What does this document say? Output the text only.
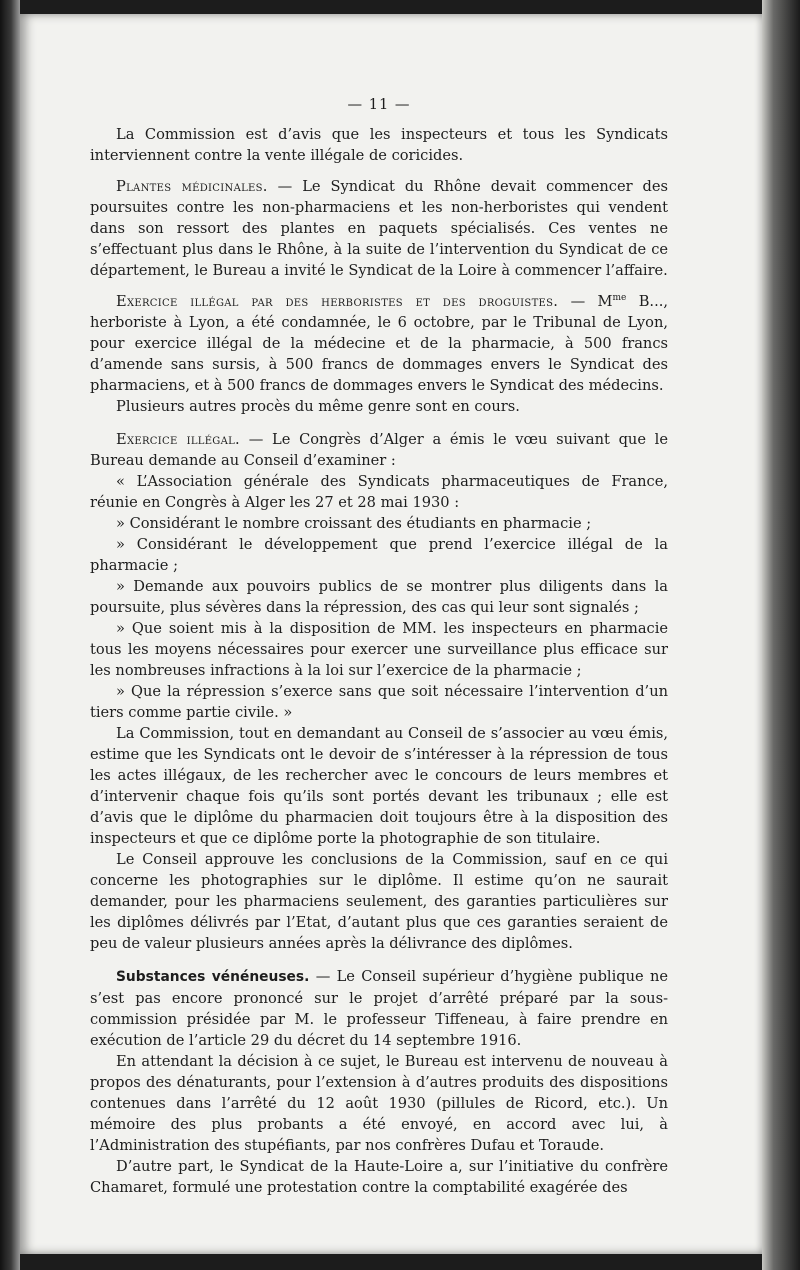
— 11 —

La Commission est d’avis que les inspecteurs et tous les Syndicats interviennent contre la vente illégale de coricides.

Plantes médicinales. — Le Syndicat du Rhône devait commencer des poursuites contre les non-pharmaciens et les non-herboristes qui vendent dans son ressort des plantes en paquets spécialisés. Ces ventes ne s’effectuant plus dans le Rhône, à la suite de l’intervention du Syndicat de ce département, le Bureau a invité le Syndicat de la Loire à commencer l’affaire.

Exercice illégal par des herboristes et des droguistes. — $M^{me}$ B..., herboriste à Lyon, a été condamnée, le 6 octobre, par le Tribunal de Lyon, pour exercice illégal de la médecine et de la pharmacie, à 500 francs d’amende sans sursis, à 500 francs de dommages envers le Syndicat des pharmaciens, et à 500 francs de dommages envers le Syndicat des médecins.

Plusieurs autres procès du même genre sont en cours.

Exercice illégal. — Le Congrès d’Alger a émis le vœu suivant que le Bureau demande au Conseil d’examiner :

« L’Association générale des Syndicats pharmaceutiques de France, réunie en Congrès à Alger les 27 et 28 mai 1930 :

» Considérant le nombre croissant des étudiants en pharmacie ;

» Considérant le développement que prend l’exercice illégal de la pharmacie ;

» Demande aux pouvoirs publics de se montrer plus diligents dans la poursuite, plus sévères dans la répression, des cas qui leur sont signalés ;

» Que soient mis à la disposition de MM. les inspecteurs en pharmacie tous les moyens nécessaires pour exercer une surveillance plus efficace sur les nombreuses infractions à la loi sur l’exercice de la pharmacie ;

» Que la répression s’exerce sans que soit nécessaire l’intervention d’un tiers comme partie civile. »

La Commission, tout en demandant au Conseil de s’associer au vœu émis, estime que les Syndicats ont le devoir de s’intéresser à la répression de tous les actes illégaux, de les rechercher avec le concours de leurs membres et d’intervenir chaque fois qu’ils sont portés devant les tribunaux ; elle est d’avis que le diplôme du pharmacien doit toujours être à la disposition des inspecteurs et que ce diplôme porte la photographie de son titulaire.

Le Conseil approuve les conclusions de la Commission, sauf en ce qui concerne les photographies sur le diplôme. Il estime qu’on ne saurait demander, pour les pharmaciens seulement, des garanties particulières sur les diplômes délivrés par l’Etat, d’autant plus que ces garanties seraient de peu de valeur plusieurs années après la délivrance des diplômes.

Substances vénéneuses. — Le Conseil supérieur d’hygiène publique ne s’est pas encore prononcé sur le projet d’arrêté préparé par la sous-commission présidée par M. le professeur Tiffeneau, à faire prendre en exécution de l’article 29 du décret du 14 septembre 1916.

En attendant la décision à ce sujet, le Bureau est intervenu de nouveau à propos des dénaturants, pour l’extension à d’autres produits des dispositions contenues dans l’arrêté du 12 août 1930 (pillules de Ricord, etc.). Un mémoire des plus probants a été envoyé, en accord avec lui, à l’Administration des stupéfiants, par nos confrères Dufau et Toraude.

D’autre part, le Syndicat de la Haute-Loire a, sur l’initiative du confrère Chamaret, formulé une protestation contre la comptabilité exagérée des
